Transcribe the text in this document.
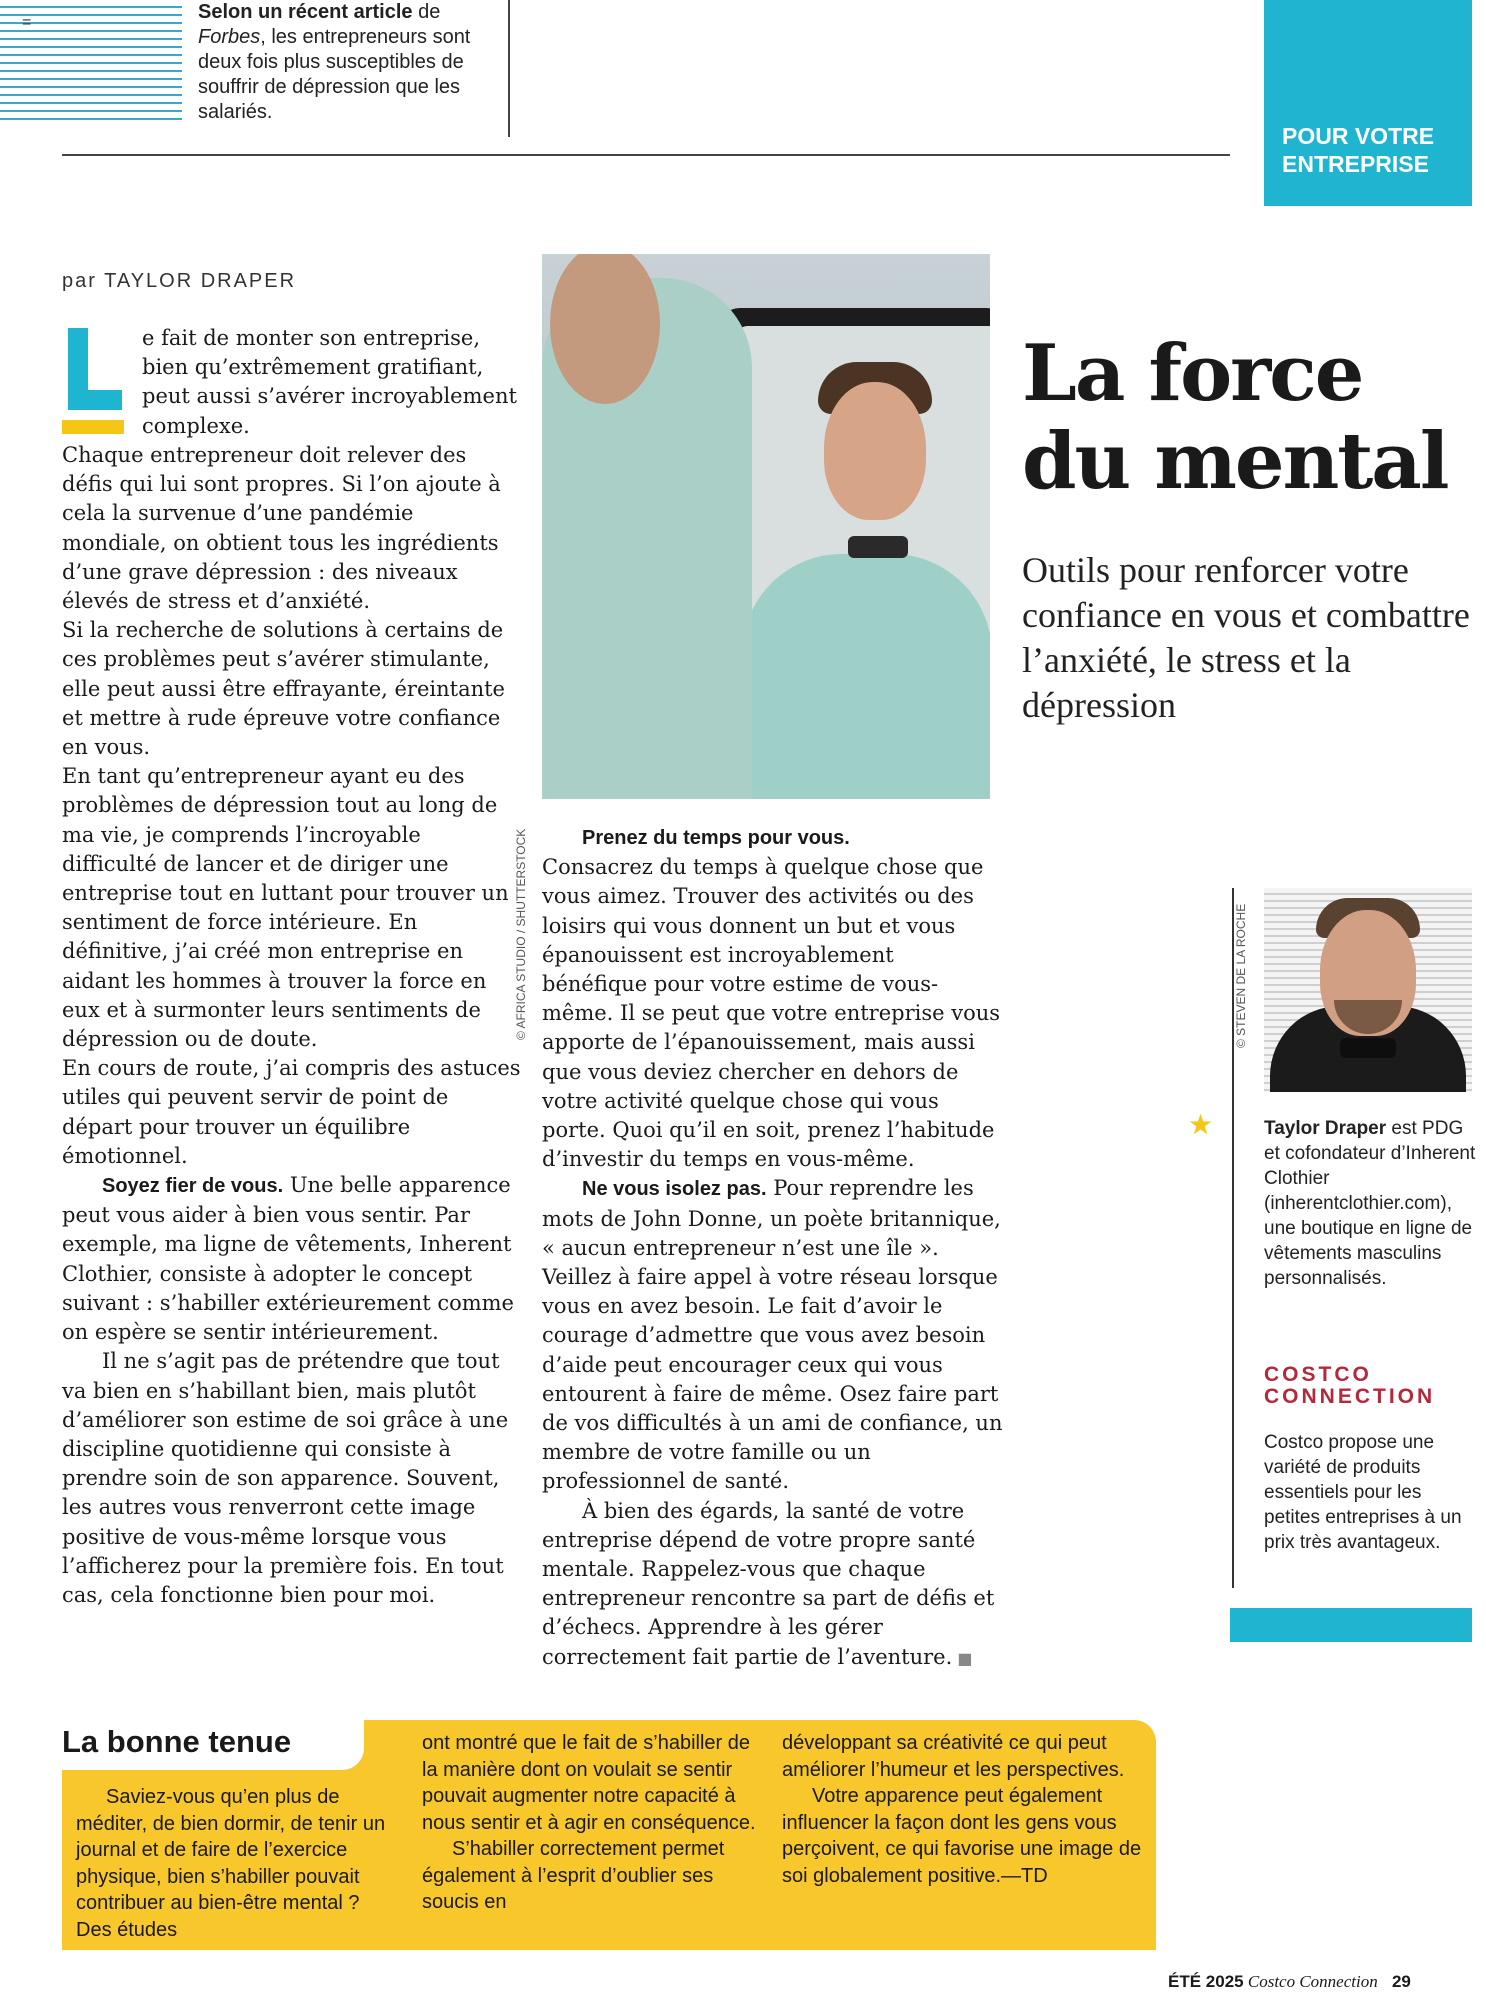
=	Selon un récent article de Forbes, les entrepreneurs sont deux fois plus susceptibles de souffrir de dépression que les salariés.
POUR VOTRE ENTREPRISE
par TAYLOR DRAPER
e fait de monter son entreprise, bien qu’extrêmement gratifiant, peut aussi s’avérer incroyablement complexe.

Chaque entrepreneur doit relever des défis qui lui sont propres. Si l’on ajoute à cela la survenue d’une pandémie mondiale, on obtient tous les ingrédients d’une grave dépression : des niveaux élevés de stress et d’anxiété.

Si la recherche de solutions à certains de ces problèmes peut s’avérer stimulante, elle peut aussi être effrayante, éreintante et mettre à rude épreuve votre confiance en vous.

En tant qu’entrepreneur ayant eu des problèmes de dépression tout au long de ma vie, je comprends l’incroyable difficulté de lancer et de diriger une entreprise tout en luttant pour trouver un sentiment de force intérieure. En définitive, j’ai créé mon entreprise en aidant les hommes à trouver la force en eux et à surmonter leurs sentiments de dépression ou de doute.

En cours de route, j’ai compris des astuces utiles qui peuvent servir de point de départ pour trouver un équilibre émotionnel.

Soyez fier de vous. Une belle apparence peut vous aider à bien vous sentir. Par exemple, ma ligne de vêtements, Inherent Clothier, consiste à adopter le concept suivant : s’habiller extérieurement comme on espère se sentir intérieurement.

Il ne s’agit pas de prétendre que tout va bien en s’habillant bien, mais plutôt d’améliorer son estime de soi grâce à une discipline quotidienne qui consiste à prendre soin de son apparence. Souvent, les autres vous renverront cette image positive de vous-même lorsque vous l’afficherez pour la première fois. En tout cas, cela fonctionne bien pour moi.

© AFRICA STUDIO / SHUTTERSTOCK	Prenez du temps pour vous.

Consacrez du temps à quelque chose que vous aimez. Trouver des activités ou des loisirs qui vous donnent un but et vous épanouissent est incroyablement bénéfique pour votre estime de vous-même. Il se peut que votre entreprise vous apporte de l’épanouissement, mais aussi que vous deviez chercher en dehors de votre activité quelque chose qui vous porte. Quoi qu’il en soit, prenez l’habitude d’investir du temps en vous-même.

Ne vous isolez pas. Pour reprendre les mots de John Donne, un poète britannique, « aucun entrepreneur n’est une île ». Veillez à faire appel à votre réseau lorsque vous en avez besoin. Le fait d’avoir le courage d’admettre que vous avez besoin d’aide peut encourager ceux qui vous entourent à faire de même. Osez faire part de vos difficultés à un ami de confiance, un membre de votre famille ou un professionnel de santé.

À bien des égards, la santé de votre entreprise dépend de votre propre santé mentale. Rappelez-vous que chaque entrepreneur rencontre sa part de défis et d’échecs. Apprendre à les gérer correctement fait partie de l’aventure. ■

La force
du mental
Outils pour renforcer votre confiance en vous et combattre l’anxiété, le stress et la dépression
© STEVEN DE LA ROCHE
★	Taylor Draper est PDG et cofondateur d’Inherent Clothier (inherentclothier.com), une boutique en ligne de vêtements masculins personnalisés.
COSTCO
CONNECTION
Costco propose une variété de produits essentiels pour les petites entreprises à un prix très avantageux.
La bonne tenue

Saviez-vous qu’en plus de méditer, de bien dormir, de tenir un journal et de faire de l’exercice physique, bien s’habiller pouvait contribuer au bien-être mental ? Des études

ont montré que le fait de s’habiller de la manière dont on voulait se sentir pouvait augmenter notre capacité à nous sentir et à agir en conséquence.

S’habiller correctement permet également à l’esprit d’oublier ses soucis en

développant sa créativité ce qui peut améliorer l’humeur et les perspectives.

Votre apparence peut également influencer la façon dont les gens vous perçoivent, ce qui favorise une image de soi globalement positive.—TD

ÉTÉ 2025 Costco Connection 29
